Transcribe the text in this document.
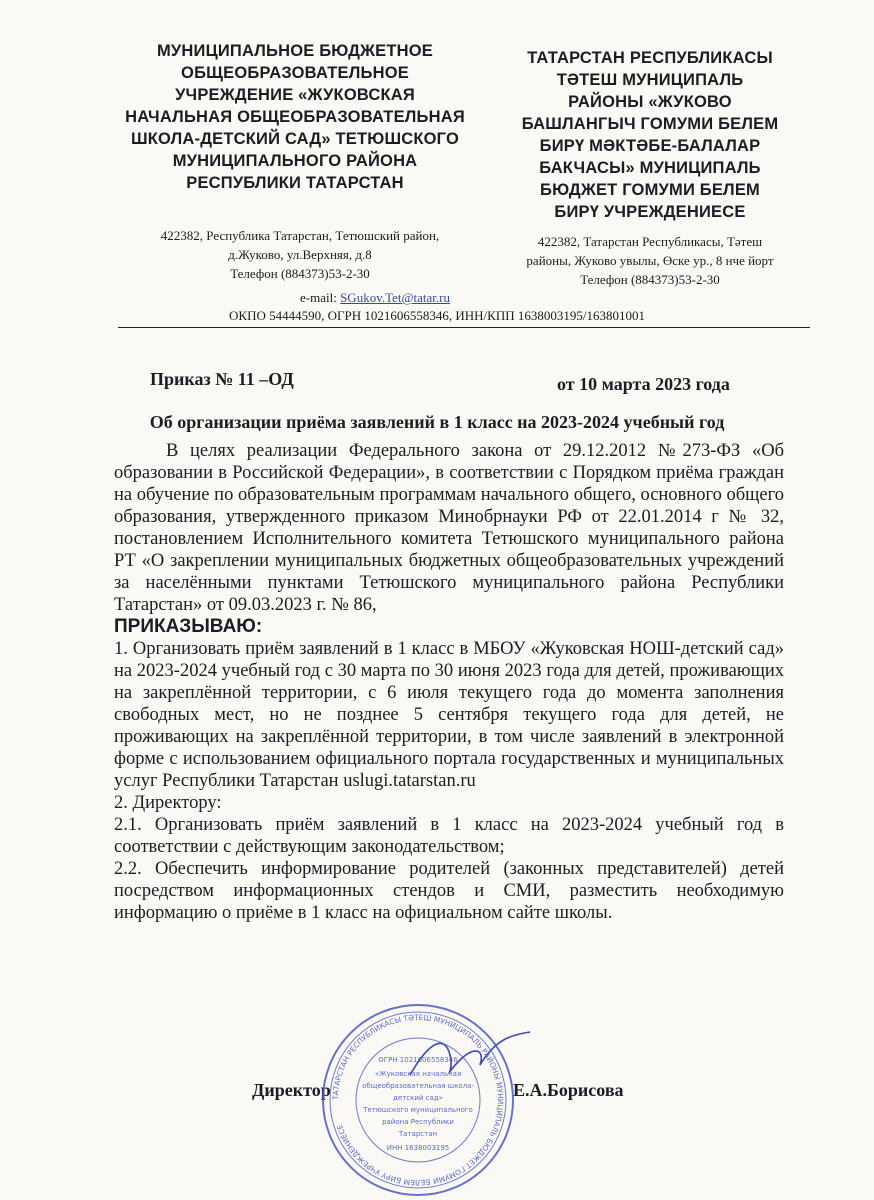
МУНИЦИПАЛЬНОЕ БЮДЖЕТНОЕ
ОБЩЕОБРАЗОВАТЕЛЬНОЕ
УЧРЕЖДЕНИЕ «ЖУКОВСКАЯ
НАЧАЛЬНАЯ ОБЩЕОБРАЗОВАТЕЛЬНАЯ
ШКОЛА-ДЕТСКИЙ САД» ТЕТЮШСКОГО
МУНИЦИПАЛЬНОГО РАЙОНА
РЕСПУБЛИКИ ТАТАРСТАН
ТАТАРСТАН РЕСПУБЛИКАСЫ
ТӘТЕШ МУНИЦИПАЛЬ
РАЙОНЫ «ЖУКОВО
БАШЛАНГЫЧ ГОМУМИ БЕЛЕМ
БИРҮ МӘКТӘБЕ-БАЛАЛАР
БАКЧАСЫ» МУНИЦИПАЛЬ
БЮДЖЕТ ГОМУМИ БЕЛЕМ
БИРҮ УЧРЕЖДЕНИЕСЕ
422382, Республика Татарстан, Тетюшский район,
д.Жуково, ул.Верхняя, д.8
Телефон (884373)53-2-30
422382, Татарстан Республикасы, Тәтеш
районы, Жуково увылы, Өске ур., 8 нче йорт
Телефон (884373)53-2-30
e-mail: SGukov.Tet@tatar.ru
ОКПО 54444590, ОГРН 1021606558346, ИНН/КПП 1638003195/163801001
Приказ № 11 –ОД	от 10 марта 2023 года
Об организации приёма заявлений в 1 класс на 2023-2024 учебный год

В целях реализации Федерального закона от 29.12.2012 №273-ФЗ «Об образовании в Российской Федерации», в соответствии с Порядком приёма граждан на обучение по образовательным программам начального общего, основного общего образования, утвержденного приказом Минобрнауки РФ от 22.01.2014 г № 32, постановлением Исполнительного комитета Тетюшского муниципального района РТ «О закреплении муниципальных бюджетных общеобразовательных учреждений за населёнными пунктами Тетюшского муниципального района Республики Татарстан» от 09.03.2023 г. № 86,

ПРИКАЗЫВАЮ:

1. Организовать приём заявлений в 1 класс в МБОУ «Жуковская НОШ-детский сад» на 2023-2024 учебный год с 30 марта по 30 июня 2023 года для детей, проживающих на закреплённой территории, с 6 июля текущего года до момента заполнения свободных мест, но не позднее 5 сентября текущего года для детей, не проживающих на закреплённой территории, в том числе заявлений в электронной форме с использованием официального портала государственных и муниципальных услуг Республики Татарстан uslugi.tatarstan.ru

2. Директору:

2.1. Организовать приём заявлений в 1 класс на 2023-2024 учебный год в соответствии с действующим законодательством;

2.2. Обеспечить информирование родителей (законных представителей) детей посредством информационных стендов и СМИ, разместить необходимую информацию о приёме в 1 класс на официальном сайте школы.

Директор	Е.А.Борисова
ТАТАРСТАН РЕСПУБЛИКАСЫ ТӘТЕШ МУНИЦИПАЛЬ РАЙОНЫ МУНИЦИПАЛЬ БЮДЖЕТ ГОМУМИ БЕЛЕМ БИРҮ УЧРЕЖДЕНИЕСЕ
ОГРН 1021606558346
«Жуковская начальная
общеобразовательная школа-
детский сад»
Тетюшского муниципального
района Республики
Татарстан
ИНН 1638003195
